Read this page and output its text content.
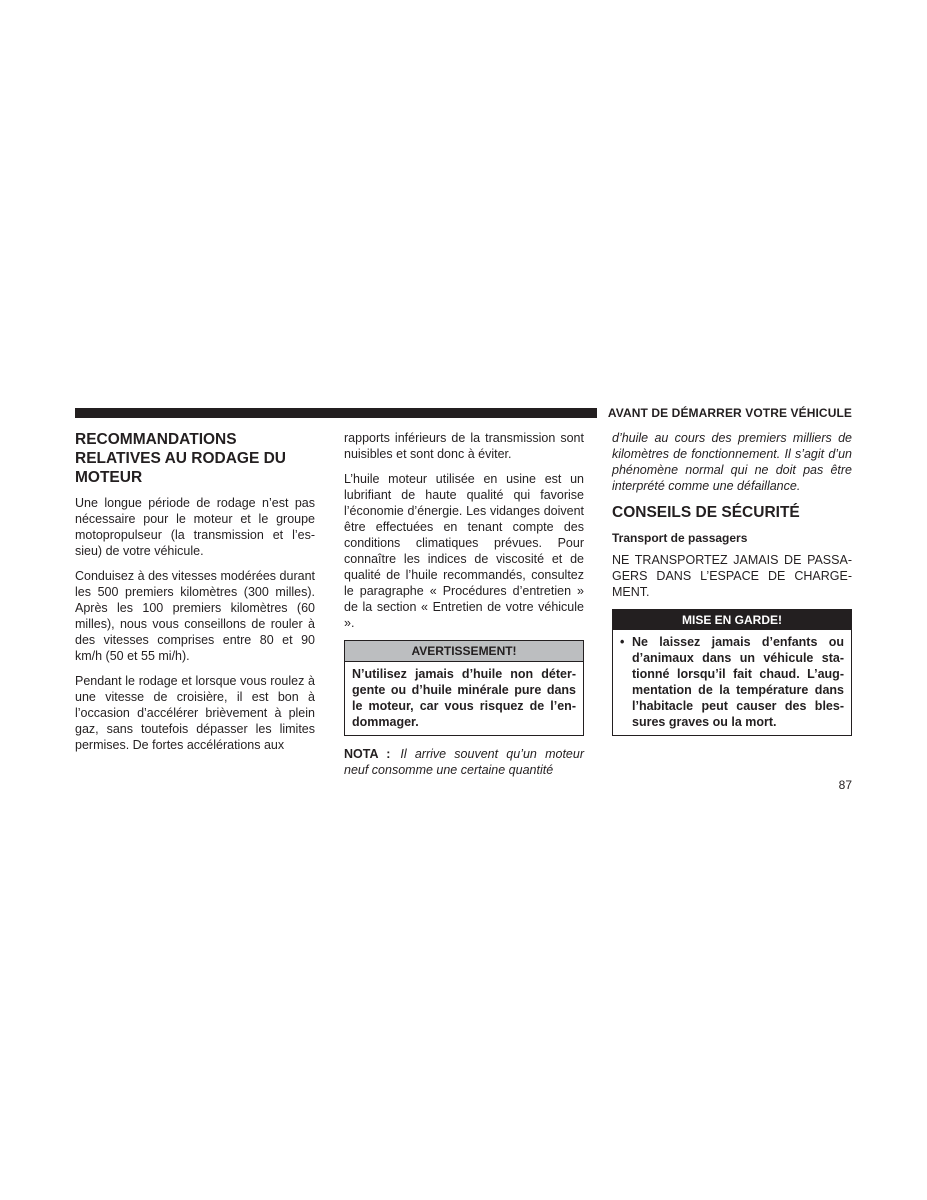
AVANT DE DÉMARRER VOTRE VÉHICULE
RECOMMANDATIONS RELATIVES AU RODAGE DU MOTEUR

Une longue période de rodage n’est pas nécessaire pour le moteur et le groupe motopropulseur (la transmission et l’essieu) de votre véhicule.

Conduisez à des vitesses modérées durant les 500 premiers kilomètres (300 milles). Après les 100 premiers kilomètres (60 milles), nous vous conseillons de rouler à des vitesses comprises entre 80 et 90 km/h (50 et 55 mi/h).

Pendant le rodage et lorsque vous roulez à une vitesse de croisière, il est bon à l’occasion d’accélérer brièvement à plein gaz, sans toutefois dépasser les limites permises. De fortes accélérations aux

rapports inférieurs de la transmission sont nuisibles et sont donc à éviter.

L’huile moteur utilisée en usine est un lubrifiant de haute qualité qui favorise l’économie d’énergie. Les vidanges doivent être effectuées en tenant compte des conditions climatiques prévues. Pour connaître les indices de viscosité et de qualité de l’huile recommandés, consultez le paragraphe « Procédures d’entretien » de la section « Entretien de votre véhicule ».

AVERTISSEMENT!
N’utilisez jamais d’huile non détergente ou d’huile minérale pure dans le moteur, car vous risquez de l’endommager.

NOTA : Il arrive souvent qu’un moteur neuf consomme une certaine quantité

d’huile au cours des premiers milliers de kilomètres de fonctionnement. Il s’agit d’un phénomène normal qui ne doit pas être interprété comme une défaillance.

CONSEILS DE SÉCURITÉ
Transport de passagers

NE TRANSPORTEZ JAMAIS DE PASSAGERS DANS L’ESPACE DE CHARGEMENT.

MISE EN GARDE!
• Ne laissez jamais d’enfants ou d’animaux dans un véhicule stationné lorsqu’il fait chaud. L’augmentation de la température dans l’habitacle peut causer des blessures graves ou la mort.
87
